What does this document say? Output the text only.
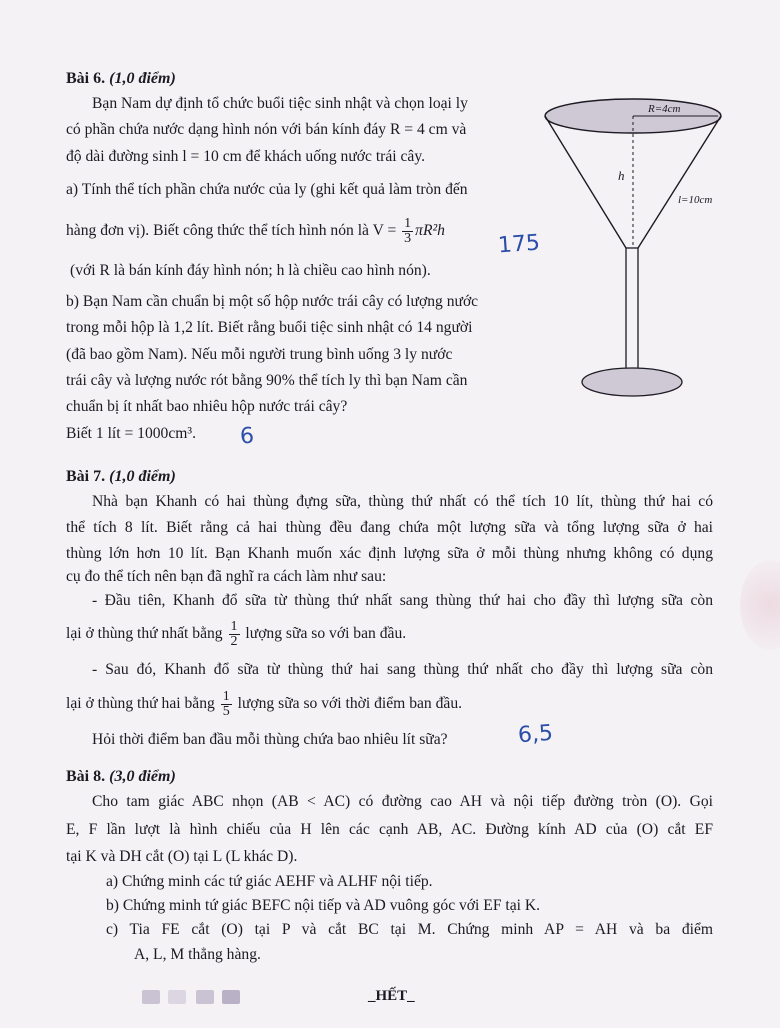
Bài 6. (1,0 điểm)
Bạn Nam dự định tổ chức buổi tiệc sinh nhật và chọn loại ly
có phần chứa nước dạng hình nón với bán kính đáy R = 4 cm và
độ dài đường sinh l = 10 cm để khách uống nước trái cây.
a) Tính thể tích phần chứa nước của ly (ghi kết quả làm tròn đến
hàng đơn vị). Biết công thức thể tích hình nón là $V = \frac{1}{3} \pi R^2h$ 175
(với R là bán kính đáy hình nón; h là chiều cao hình nón).
b) Bạn Nam cần chuẩn bị một số hộp nước trái cây có lượng nước
trong mỗi hộp là 1,2 lít. Biết rằng buổi tiệc sinh nhật có 14 người
(đã bao gồm Nam). Nếu mỗi người trung bình uống 3 ly nước
trái cây và lượng nước rót bằng 90% thể tích ly thì bạn Nam cần
chuẩn bị ít nhất bao nhiêu hộp nước trái cây?
Biết 1 lít = 1000cm³. 6
R=4cm
h
l=10cm
Bài 7. (1,0 điểm)
Nhà bạn Khanh có hai thùng đựng sữa, thùng thứ nhất có thể tích 10 lít, thùng thứ hai có
thể tích 8 lít. Biết rằng cả hai thùng đều đang chứa một lượng sữa và tổng lượng sữa ở hai
thùng lớn hơn 10 lít. Bạn Khanh muốn xác định lượng sữa ở mỗi thùng nhưng không có dụng
cụ đo thể tích nên bạn đã nghĩ ra cách làm như sau:
- Đầu tiên, Khanh đổ sữa từ thùng thứ nhất sang thùng thứ hai cho đầy thì lượng sữa còn
lại ở thùng thứ nhất bằng $\frac{1}{2}$ lượng sữa so với ban đầu.
- Sau đó, Khanh đổ sữa từ thùng thứ hai sang thùng thứ nhất cho đầy thì lượng sữa còn
lại ở thùng thứ hai bằng $\frac{1}{5}$ lượng sữa so với thời điểm ban đầu.
Hỏi thời điểm ban đầu mỗi thùng chứa bao nhiêu lít sữa?	6,5
Bài 8. (3,0 điểm)
Cho tam giác ABC nhọn (AB < AC) có đường cao AH và nội tiếp đường tròn (O). Gọi
E, F lần lượt là hình chiếu của H lên các cạnh AB, AC. Đường kính AD của (O) cắt EF
tại K và DH cắt (O) tại L (L khác D).
a) Chứng minh các tứ giác AEHF và ALHF nội tiếp.
b) Chứng minh tứ giác BEFC nội tiếp và AD vuông góc với EF tại K.
c) Tia FE cắt (O) tại P và cắt BC tại M. Chứng minh AP = AH và ba điểm
A, L, M thẳng hàng.
_HẾT_
